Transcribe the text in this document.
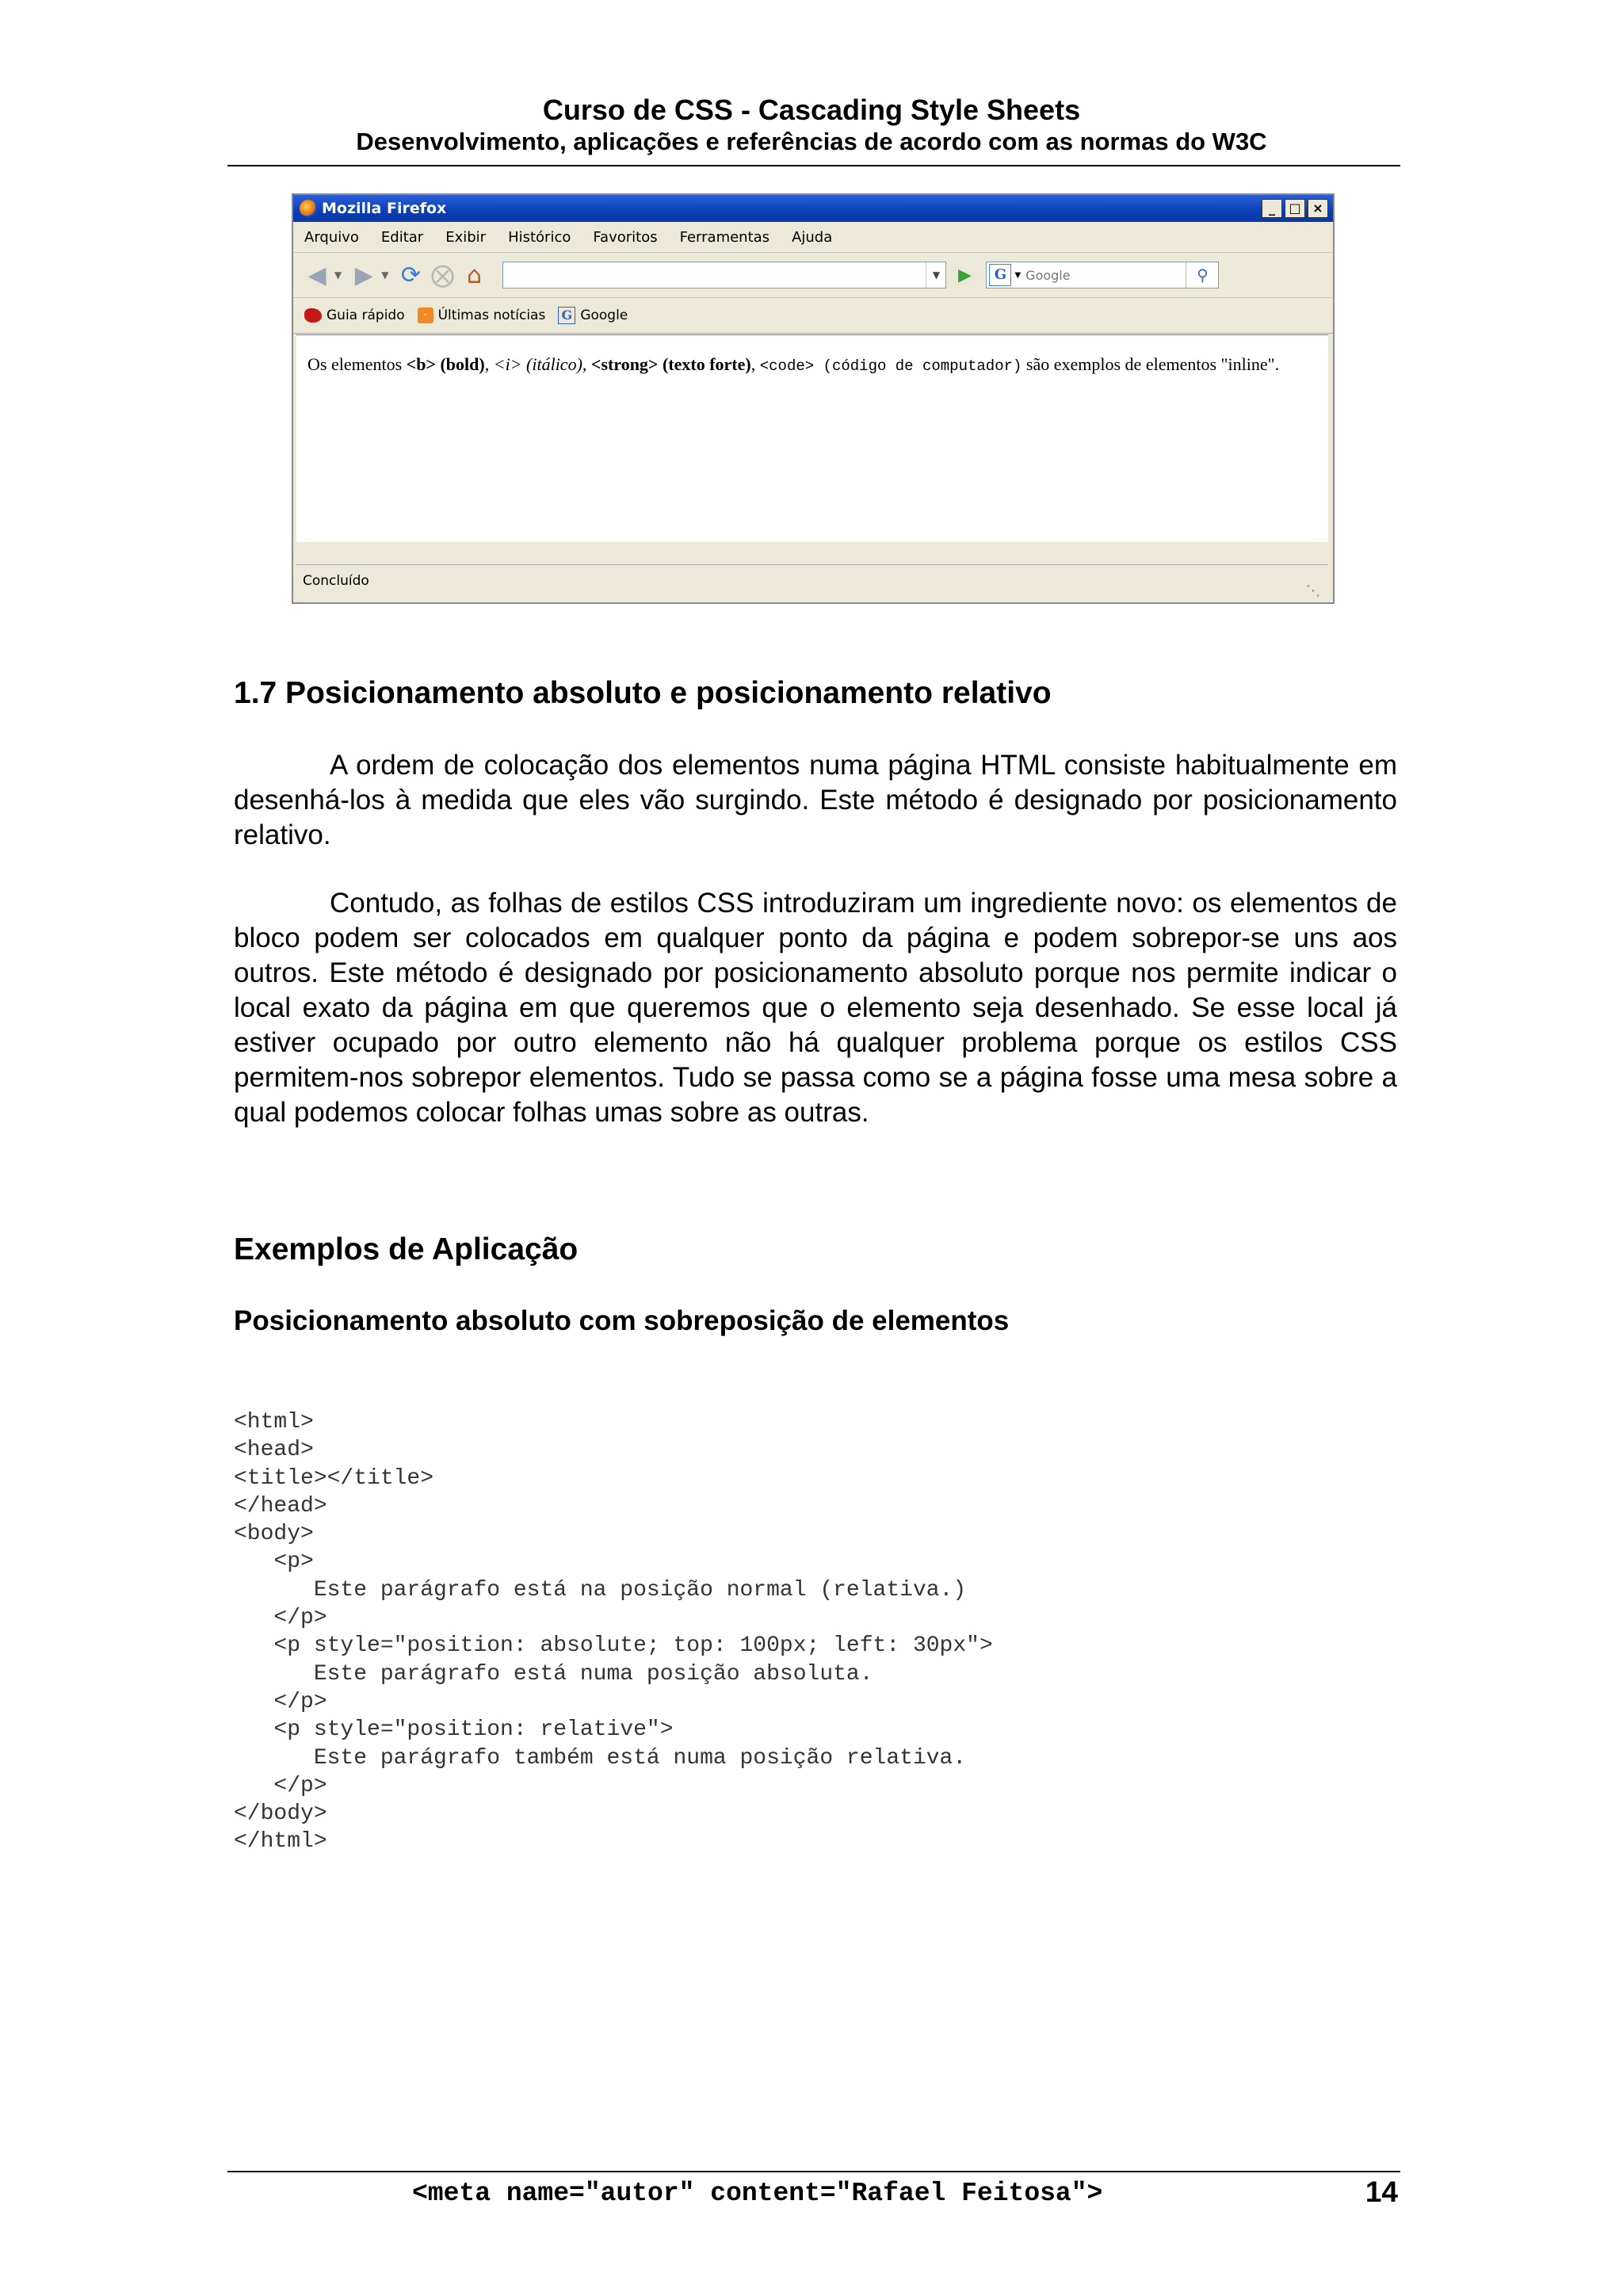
Curso de CSS - Cascading Style Sheets
Desenvolvimento, aplicações e referências de acordo com as normas do W3C
Mozilla Firefox	_	□ ×
Arquivo Editar Exibir Histórico Favoritos Ferramentas Ajuda
◀ ▼ ▶ ▼ ⟳ ⨂ ⌂	▼	▶	G	▼
Google	⚲
Guia rápido	⋅ Últimas notícias G Google
Os elementos <b> (bold), <i> (itálico), <strong> (texto forte), <code> (código de computador) são exemplos de elementos "inline".
Concluído
⋱
1.7 Posicionamento absoluto e posicionamento relativo
A ordem de colocação dos elementos numa página HTML consiste habitualmente em desenhá-los à medida que eles vão surgindo. Este método é designado por posicionamento relativo.
Contudo, as folhas de estilos CSS introduziram um ingrediente novo: os elementos de bloco podem ser colocados em qualquer ponto da página e podem sobrepor-se uns aos outros. Este método é designado por posicionamento absoluto porque nos permite indicar o local exato da página em que queremos que o elemento seja desenhado. Se esse local já estiver ocupado por outro elemento não há qualquer problema porque os estilos CSS permitem-nos sobrepor elementos. Tudo se passa como se a página fosse uma mesa sobre a qual podemos colocar folhas umas sobre as outras.
Exemplos de Aplicação
Posicionamento absoluto com sobreposição de elementos
<html>
<head>
<title></title>
</head>
<body>
<p>
Este parágrafo está na posição normal (relativa.)
</p>
<p style="position: absolute; top: 100px; left: 30px">
Este parágrafo está numa posição absoluta.
</p>
<p style="position: relative">
Este parágrafo também está numa posição relativa.
</p>
</body>
</html>
<meta name="autor" content="Rafael Feitosa">	14
